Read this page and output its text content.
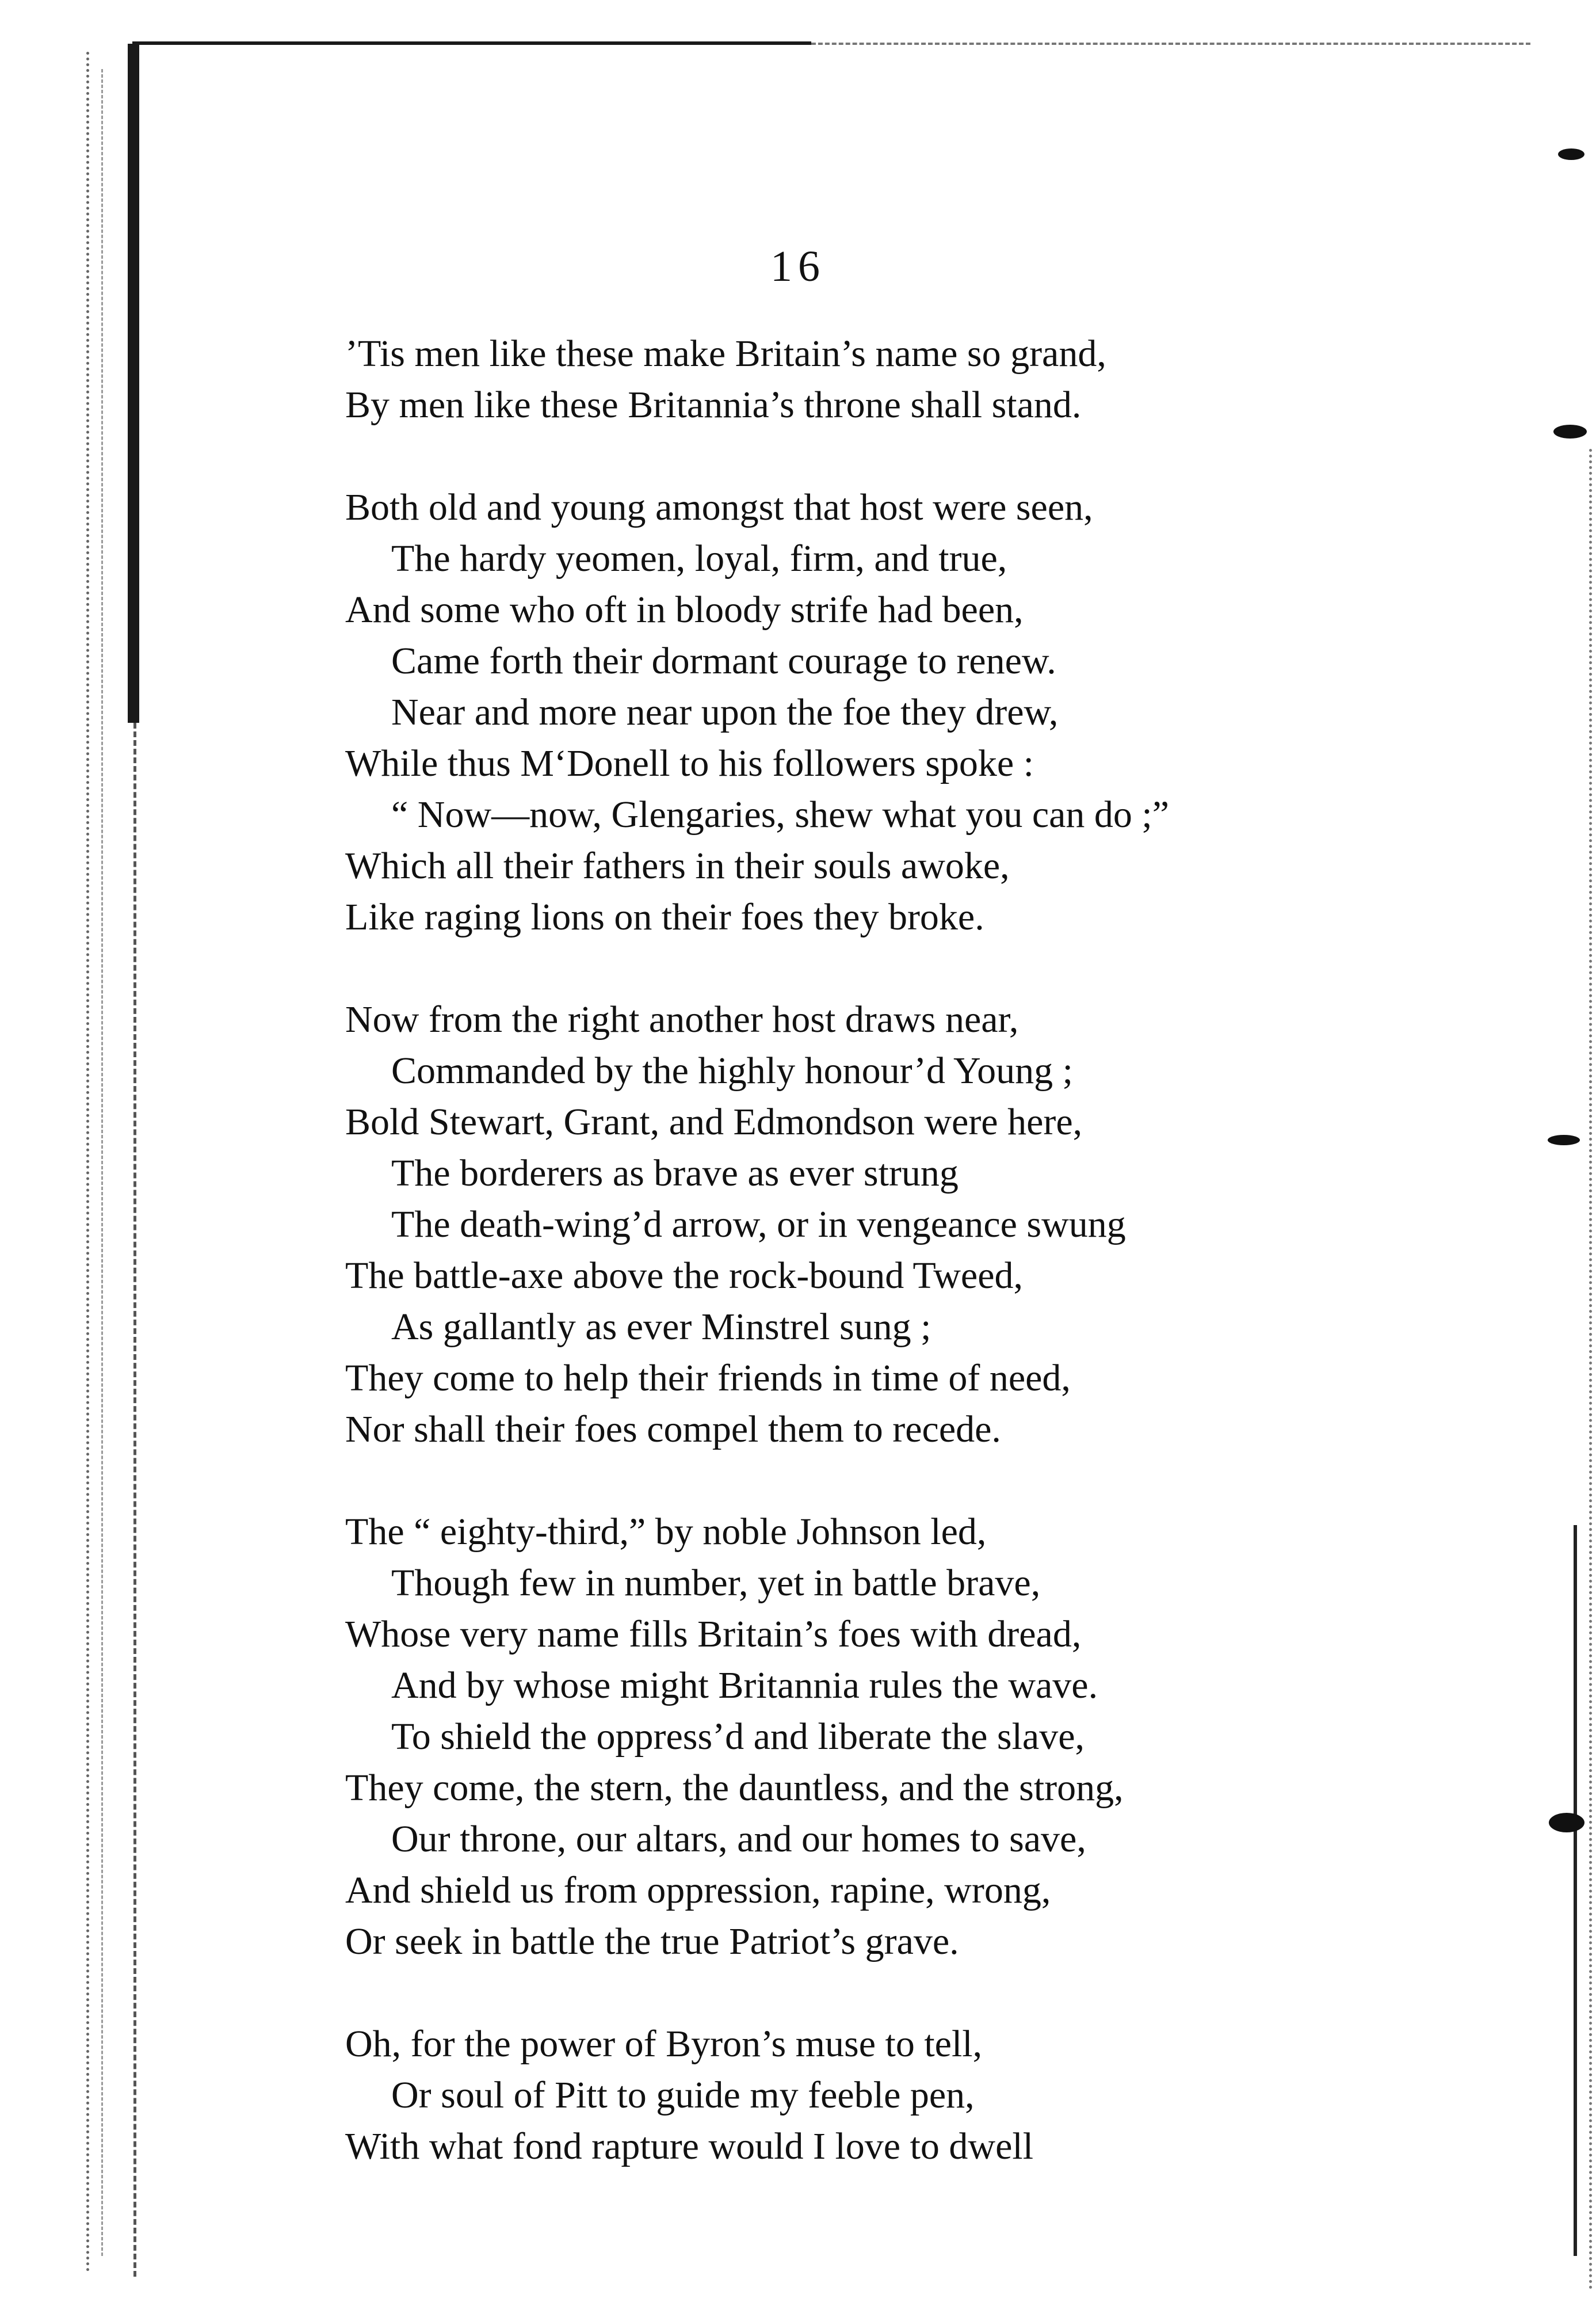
16
’Tis men like these make Britain’s name so grand,
By men like these Britannia’s throne shall stand.
Both old and young amongst that host were seen,
The hardy yeomen, loyal, firm, and true,
And some who oft in bloody strife had been,
Came forth their dormant courage to renew.
Near and more near upon the foe they drew,
While thus M‘Donell to his followers spoke :
“ Now—now, Glengaries, shew what you can do ;”
Which all their fathers in their souls awoke,
Like raging lions on their foes they broke.
Now from the right another host draws near,
Commanded by the highly honour’d Young ;
Bold Stewart, Grant, and Edmondson were here,
The borderers as brave as ever strung
The death-wing’d arrow, or in vengeance swung
The battle-axe above the rock-bound Tweed,
As gallantly as ever Minstrel sung ;
They come to help their friends in time of need,
Nor shall their foes compel them to recede.
The “ eighty-third,” by noble Johnson led,
Though few in number, yet in battle brave,
Whose very name fills Britain’s foes with dread,
And by whose might Britannia rules the wave.
To shield the oppress’d and liberate the slave,
They come, the stern, the dauntless, and the strong,
Our throne, our altars, and our homes to save,
And shield us from oppression, rapine, wrong,
Or seek in battle the true Patriot’s grave.
Oh, for the power of Byron’s muse to tell,
Or soul of Pitt to guide my feeble pen,
With what fond rapture would I love to dwell
